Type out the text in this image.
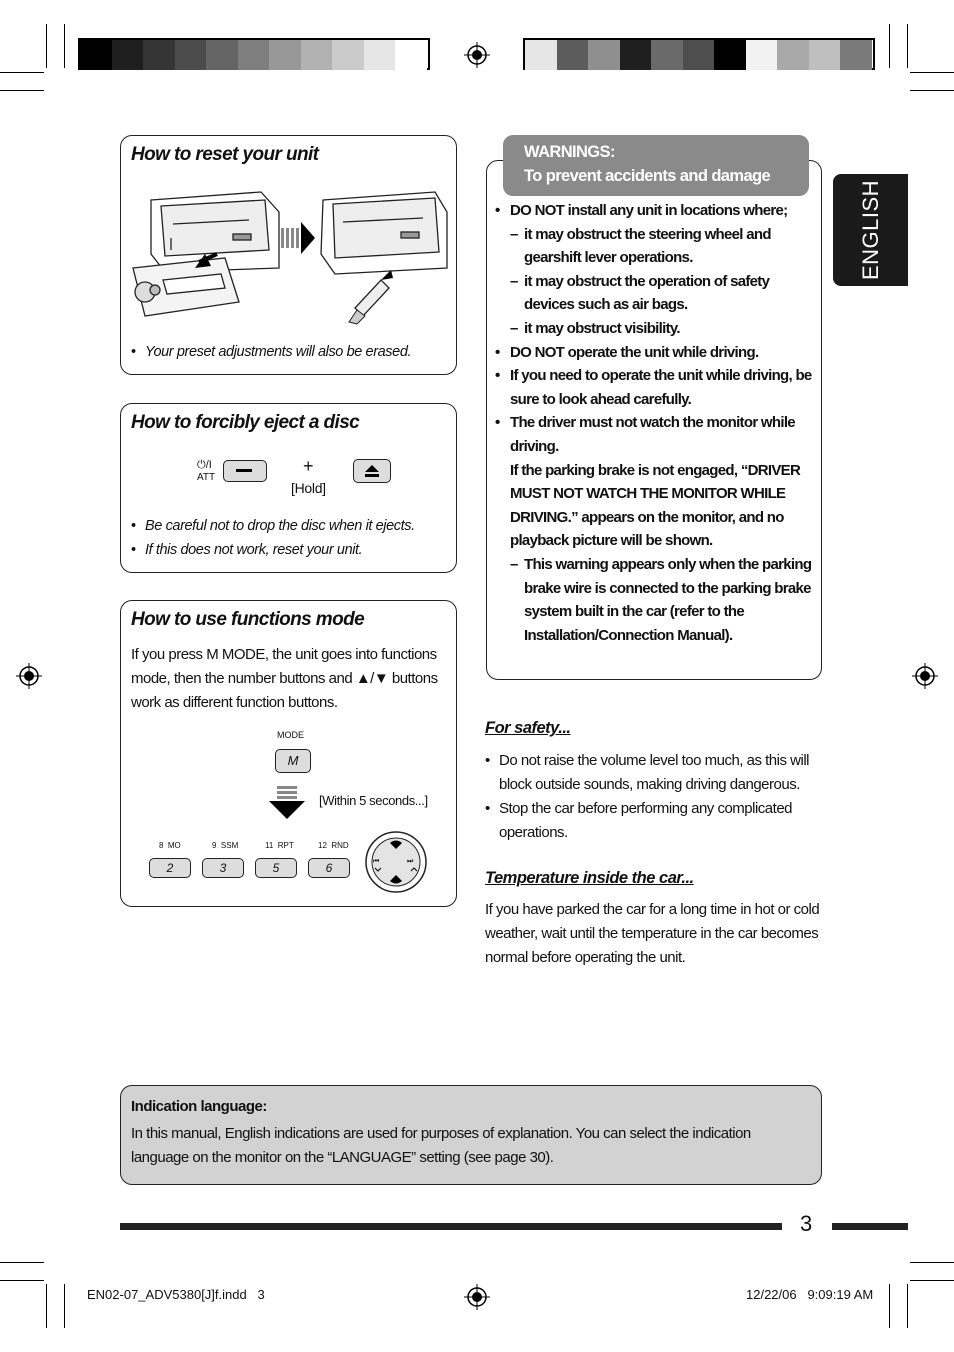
How to reset your unit
• Your preset adjustments will also be erased.
How to forcibly eject a disc
⏻/I
ATT
+
[Hold]
• Be careful not to drop the disc when it ejects.
• If this does not work, reset your unit.
How to use functions mode

If you press M MODE, the unit goes into functions mode, then the number buttons and ▲/▼ buttons work as different function buttons.

MODE
M
[Within 5 seconds...]
8  MO
2
9  SSM
3
11  RPT
5
12  RND
6	⏮	⏭
WARNINGS:
To prevent accidents and damage
• DO NOT install any unit in locations where;
– it may obstruct the steering wheel and gearshift lever operations.
– it may obstruct the operation of safety devices such as air bags.
– it may obstruct visibility.
• DO NOT operate the unit while driving.
• If you need to operate the unit while driving, be sure to look ahead carefully.
• The driver must not watch the monitor while driving.
If the parking brake is not engaged, “DRIVER MUST NOT WATCH THE MONITOR WHILE DRIVING.” appears on the monitor, and no playback picture will be shown.
– This warning appears only when the parking brake wire is connected to the parking brake system built in the car (refer to the Installation/Connection Manual).
ENGLISH
For safety...
• Do not raise the volume level too much, as this will block outside sounds, making driving dangerous.
• Stop the car before performing any complicated operations.
Temperature inside the car...

If you have parked the car for a long time in hot or cold weather, wait until the temperature in the car becomes normal before operating the unit.

Indication language:
In this manual, English indications are used for purposes of explanation. You can select the indication language on the monitor on the “LANGUAGE” setting (see page 30).
3
EN02-07_ADV5380[J]f.indd   3	12/22/06   9:09:19 AM
